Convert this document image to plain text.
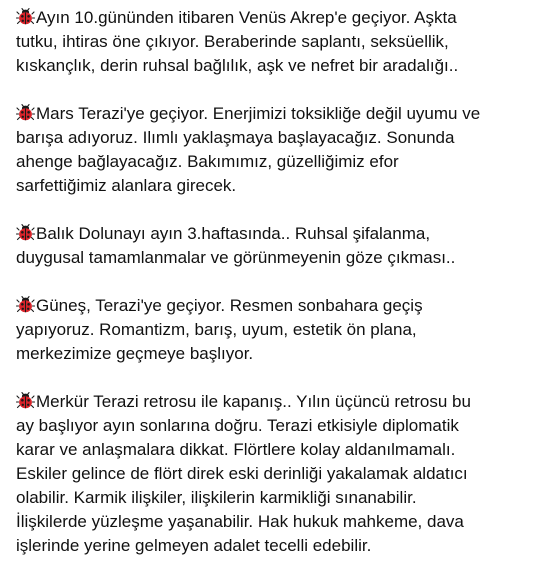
Ayın 10.gününden itibaren Venüs Akrep'e geçiyor. Aşkta
tutku, ihtiras öne çıkıyor. Beraberinde saplantı, seksüellik,
kıskançlık, derin ruhsal bağlılık, aşk ve nefret bir aradalığı..

Mars Terazi'ye geçiyor. Enerjimizi toksikliğe değil uyumu ve
barışa adıyoruz. Ilımlı yaklaşmaya başlayacağız. Sonunda
ahenge bağlayacağız. Bakımımız, güzelliğimiz efor
sarfettiğimiz alanlara girecek.

Balık Dolunayı ayın 3.haftasında.. Ruhsal şifalanma,
duygusal tamamlanmalar ve görünmeyenin göze çıkması..

Güneş, Terazi'ye geçiyor. Resmen sonbahara geçiş
yapıyoruz. Romantizm, barış, uyum, estetik ön plana,
merkezimize geçmeye başlıyor.

Merkür Terazi retrosu ile kapanış.. Yılın üçüncü retrosu bu
ay başlıyor ayın sonlarına doğru. Terazi etkisiyle diplomatik
karar ve anlaşmalara dikkat. Flörtlere kolay aldanılmamalı.
Eskiler gelince de flört direk eski derinliği yakalamak aldatıcı
olabilir. Karmik ilişkiler, ilişkilerin karmikliği sınanabilir.
İlişkilerde yüzleşme yaşanabilir. Hak hukuk mahkeme, dava
işlerinde yerine gelmeyen adalet tecelli edebilir.
